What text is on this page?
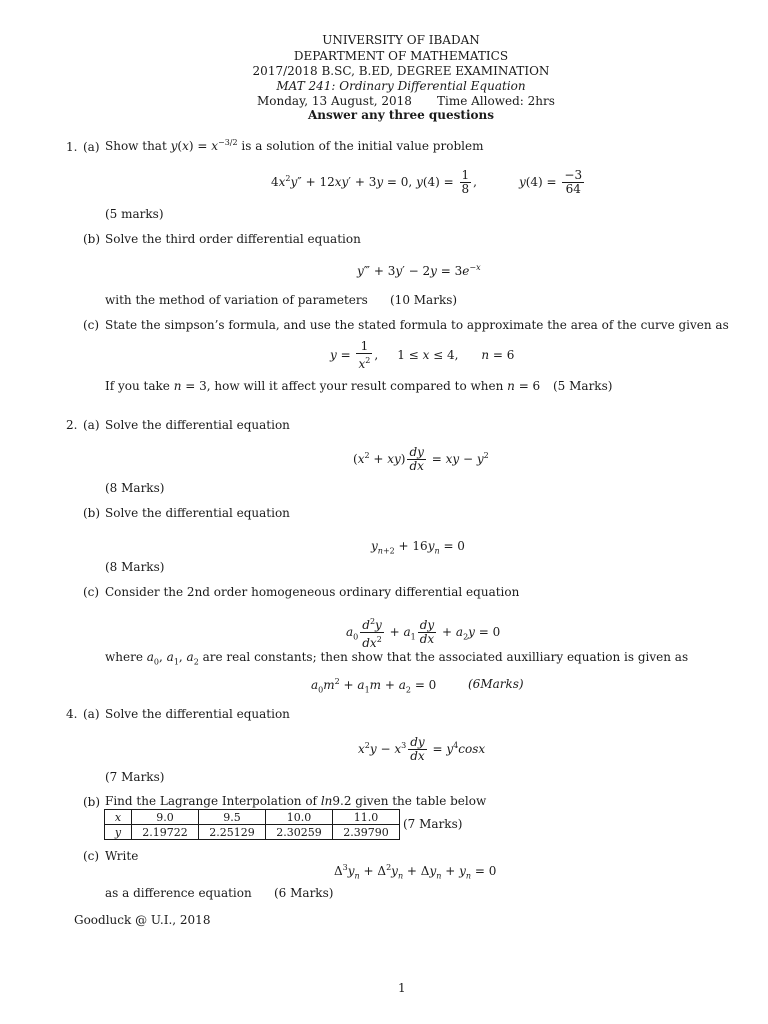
UNIVERSITY OF IBADAN
DEPARTMENT OF MATHEMATICS
2017/2018 B.SC, B.ED, DEGREE EXAMINATION
MAT 241: Ordinary Differential Equation
Monday, 13 August, 2018 Time Allowed: 2hrs
Answer any three questions
1. (a) Show that $y(x) = x^{-3/2}$ is a solution of the initial value problem
$4x^2y'' + 12xy' + 3y = 0$, $y(4) = \frac{1}{8}$ ,           $y(4) = \frac{-3}{64}$
(5 marks)
(b) Solve the third order differential equation
y‴ + $3y' - 2y = 3e^{-x}$
with the method of variation of parameters (10 Marks)
(c) State the simpson’s formula, and use the stated formula to approximate the area of the curve given as
$y = \frac{1}{x^2}$ ,     1 ≤ x ≤ 4,      n = 6
If you take n = 3, how will it affect your result compared to when n = 6 (5 Marks)
2. (a) Solve the differential equation
$(x^2 + xy) \frac{dy}{dx}$ = xy − $y^2$
(8 Marks)
(b) Solve the differential equation
$y_{n+2} + 16y_n = 0$
(8 Marks)
(c) Consider the 2nd order homogeneous ordinary differential equation
$a_0 \frac{d^2y}{dx^2} + a_1 \frac{dy}{dx} + a_2y = 0$
where $a_0$, $a_1$, $a_2$ are real constants; then show that the associated auxilliary equation is given as
$a_0m^2 + a_1m + a_2 = 0$	(6Marks)
4. (a) Solve the differential equation
$x^2y - x^3 \frac{dy}{dx} = y^4\cos x$
(7 Marks)
(b) Find the Lagrange Interpolation of ln9.2 given the table below
x	9.0	9.5	10.0	11.0
y	2.19722	2.25129	2.30259	2.39790
(7 Marks)
(c) Write
$\Delta^3y_n + \Delta^2y_n + \Delta y_n + y_n = 0$
as a difference equation (6 Marks)
Goodluck @ U.I., 2018
1
